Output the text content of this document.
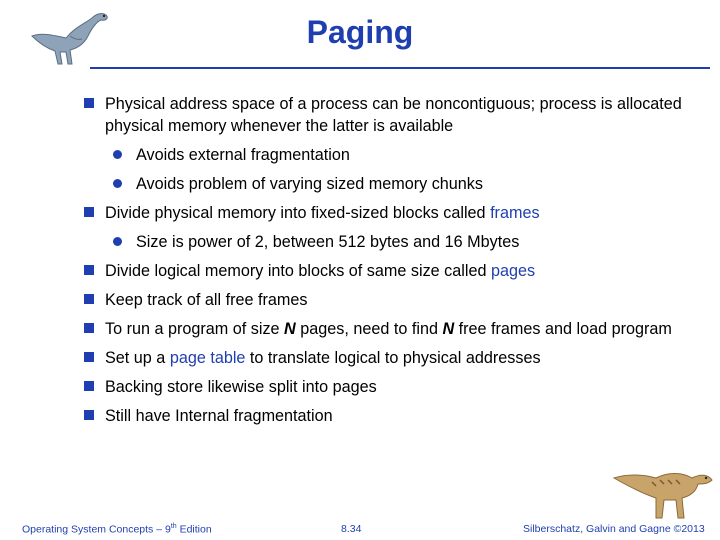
Paging
Physical address space of a process can be noncontiguous; process is allocated physical memory whenever the latter is available
Avoids external fragmentation
Avoids problem of varying sized memory chunks
Divide physical memory into fixed-sized blocks called frames
Size is power of 2, between 512 bytes and 16 Mbytes
Divide logical memory into blocks of same size called pages
Keep track of all free frames
To run a program of size N pages, need to find N free frames and load program
Set up a page table to translate logical to physical addresses
Backing store likewise split into pages
Still have Internal fragmentation
Operating System Concepts – 9th Edition	8.34	Silberschatz, Galvin and Gagne ©2013
